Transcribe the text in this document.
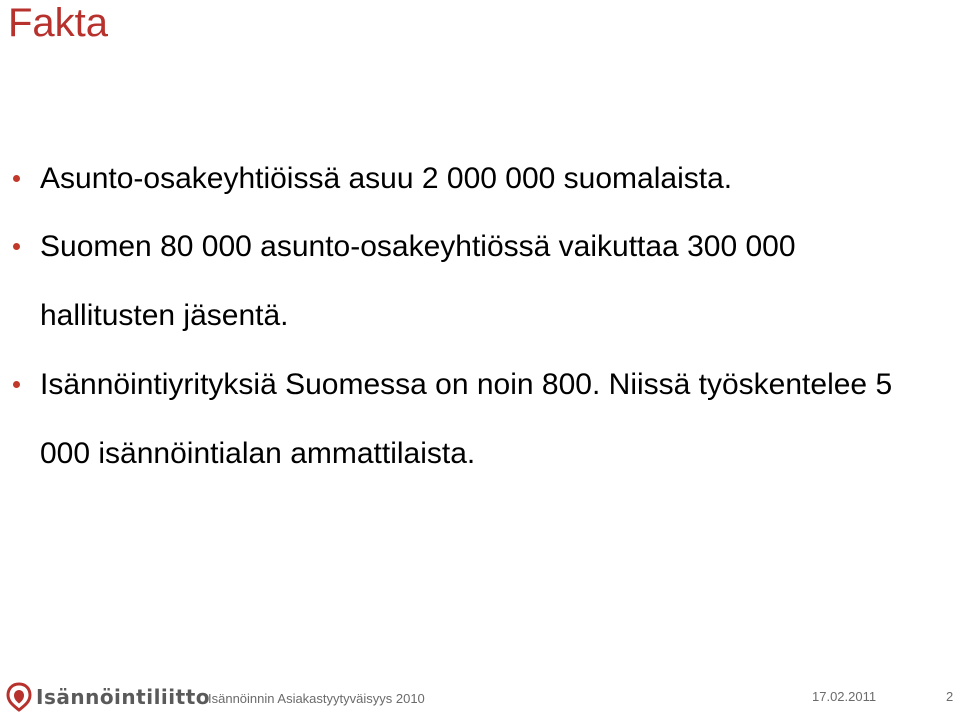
Fakta
Asunto-osakeyhtiöissä asuu 2 000 000 suomalaista.
Suomen 80 000 asunto-osakeyhtiössä vaikuttaa 300 000 hallitusten jäsentä.
Isännöintiyrityksiä Suomessa on noin 800. Niissä työskentelee 5 000 isännöintialan ammattilaista.
Isännöintiliitto
Isännöinnin Asiakastyytyväisyys 2010	17.02.2011	2
